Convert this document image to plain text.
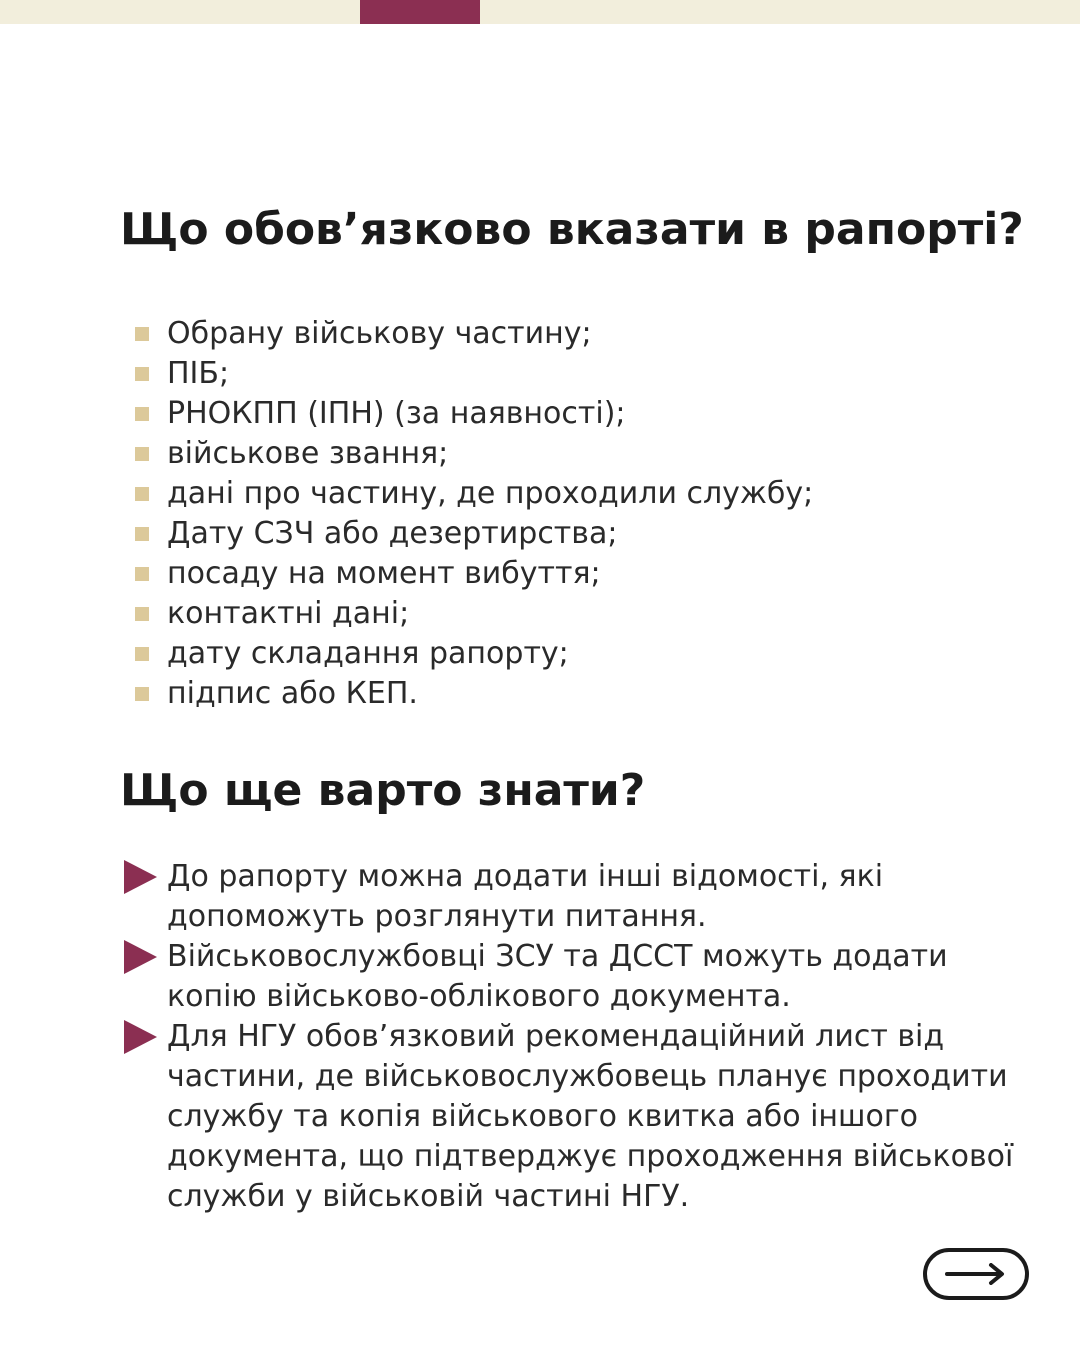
Що обов’язково вказати в рапорті?
Обрану військову частину;
ПІБ;
РНОКПП (ІПН) (за наявності);
військове звання;
дані про частину, де проходили службу;
Дату СЗЧ або дезертирства;
посаду на момент вибуття;
контактні дані;
дату складання рапорту;
підпис або КЕП.
Що ще варто знати?
До рапорту можна додати інші відомості, які
допоможуть розглянути питання.
Військовослужбовці ЗСУ та ДССТ можуть додати
копію військово-облікового документа.
Для НГУ обов’язковий рекомендаційний лист від
частини, де військовослужбовець планує проходити
службу та копія військового квитка або іншого
документа, що підтверджує проходження військової
служби у військовій частині НГУ.
